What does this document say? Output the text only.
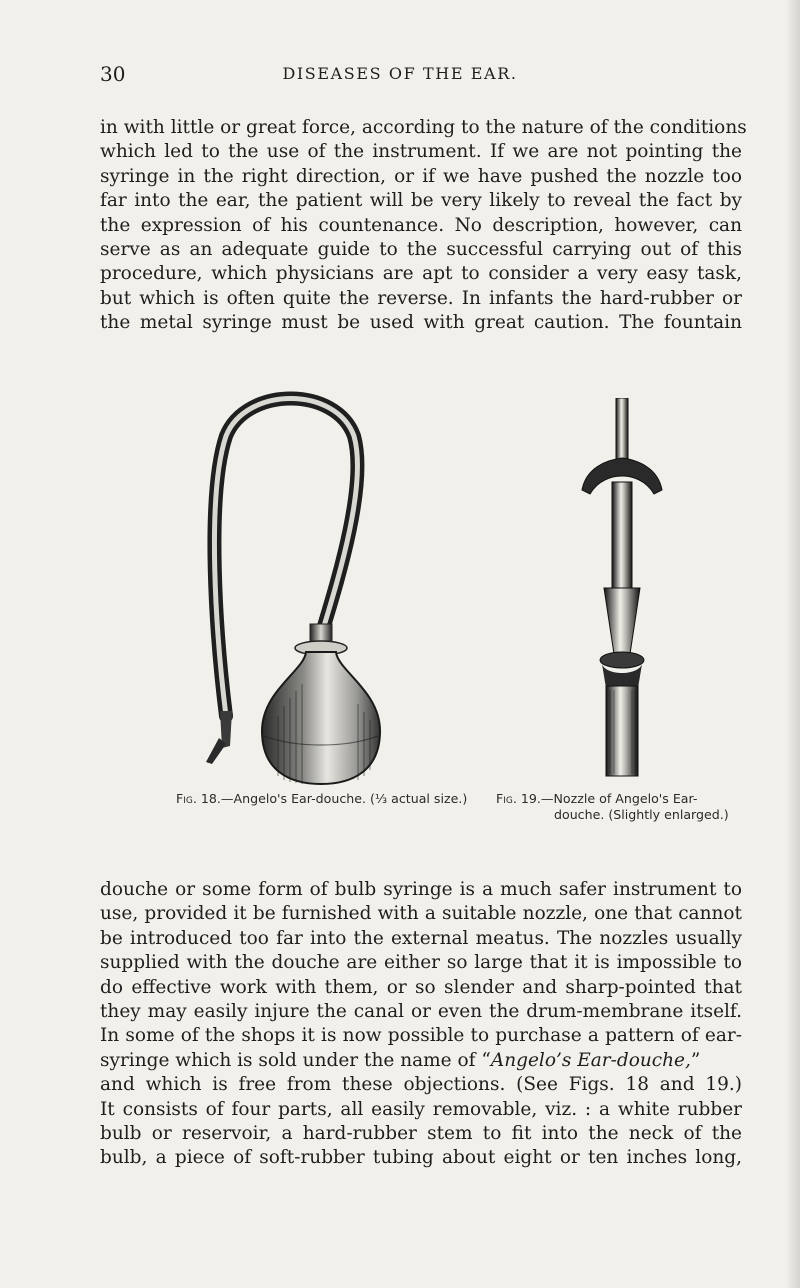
30	DISEASES OF THE EAR.

in with little or great force, according to the nature of the conditions
which led to the use of the instrument. If we are not pointing the
syringe in the right direction, or if we have pushed the nozzle too
far into the ear, the patient will be very likely to reveal the fact by
the expression of his countenance. No description, however, can
serve as an adequate guide to the successful carrying out of this
procedure, which physicians are apt to consider a very easy task,
but which is often quite the reverse. In infants the hard-rubber or
the metal syringe must be used with great caution. The fountain

Fig. 18.—Angelo's Ear-douche. (⅓ actual size.) Fig. 19.—Nozzle of Angelo's Ear-
douche. (Slightly enlarged.)

douche or some form of bulb syringe is a much safer instrument to
use, provided it be furnished with a suitable nozzle, one that cannot
be introduced too far into the external meatus. The nozzles usually
supplied with the douche are either so large that it is impossible to
do effective work with them, or so slender and sharp-pointed that
they may easily injure the canal or even the drum-membrane itself.
In some of the shops it is now possible to purchase a pattern of ear-
syringe which is sold under the name of “Angelo’s Ear-douche,”
and which is free from these objections. (See Figs. 18 and 19.)
It consists of four parts, all easily removable, viz. : a white rubber
bulb or reservoir, a hard-rubber stem to fit into the neck of the
bulb, a piece of soft-rubber tubing about eight or ten inches long,
